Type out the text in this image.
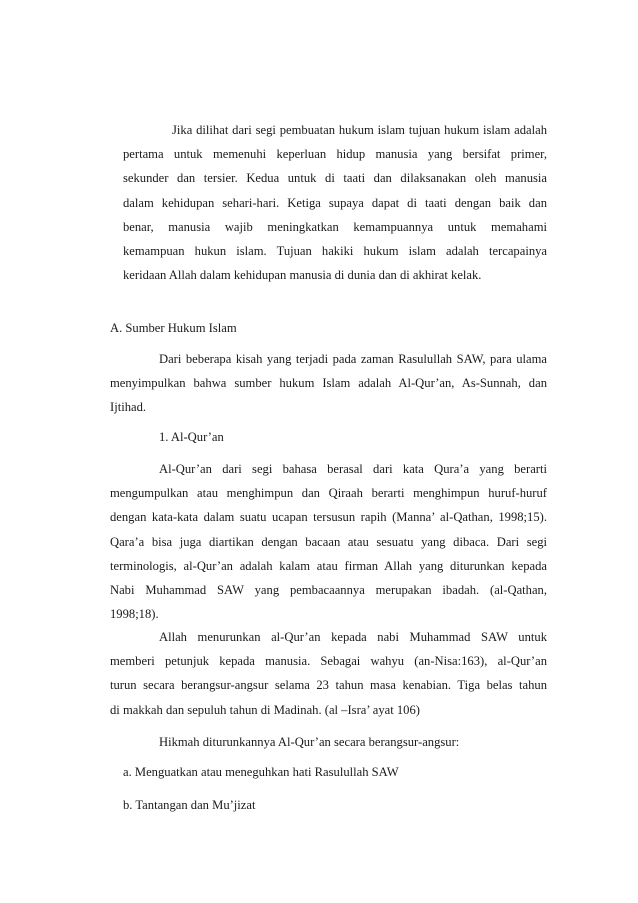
Jika dilihat dari segi pembuatan hukum islam tujuan hukum islam adalah
pertama untuk memenuhi keperluan hidup manusia yang bersifat primer,
sekunder dan tersier. Kedua untuk di taati dan dilaksanakan oleh manusia
dalam kehidupan sehari-hari. Ketiga supaya dapat di taati dengan baik dan
benar, manusia wajib meningkatkan kemampuannya untuk memahami
kemampuan hukun islam. Tujuan hakiki hukum islam adalah tercapainya
keridaan Allah dalam kehidupan manusia di dunia dan di akhirat kelak.

A. Sumber Hukum Islam

Dari beberapa kisah yang terjadi pada zaman Rasulullah SAW, para ulama
menyimpulkan bahwa sumber hukum Islam adalah Al-Qur’an, As-Sunnah, dan
Ijtihad.

1. Al-Qur’an

Al-Qur’an dari segi bahasa berasal dari kata Qura’a yang berarti
mengumpulkan atau menghimpun dan Qiraah berarti menghimpun huruf-huruf
dengan kata-kata dalam suatu ucapan tersusun rapih (Manna’ al-Qathan, 1998;15).
Qara’a bisa juga diartikan dengan bacaan atau sesuatu yang dibaca. Dari segi
terminologis, al-Qur’an adalah kalam atau firman Allah yang diturunkan kepada
Nabi Muhammad SAW yang pembacaannya merupakan ibadah. (al-Qathan,
1998;18).
Allah menurunkan al-Qur’an kepada nabi Muhammad SAW untuk
memberi petunjuk kepada manusia. Sebagai wahyu (an-Nisa:163), al-Qur’an
turun secara berangsur-angsur selama 23 tahun masa kenabian. Tiga belas tahun
di makkah dan sepuluh tahun di Madinah. (al –Isra’ ayat 106)

Hikmah diturunkannya Al-Qur’an secara berangsur-angsur:

a. Menguatkan atau meneguhkan hati Rasulullah SAW

b. Tantangan dan Mu’jizat
